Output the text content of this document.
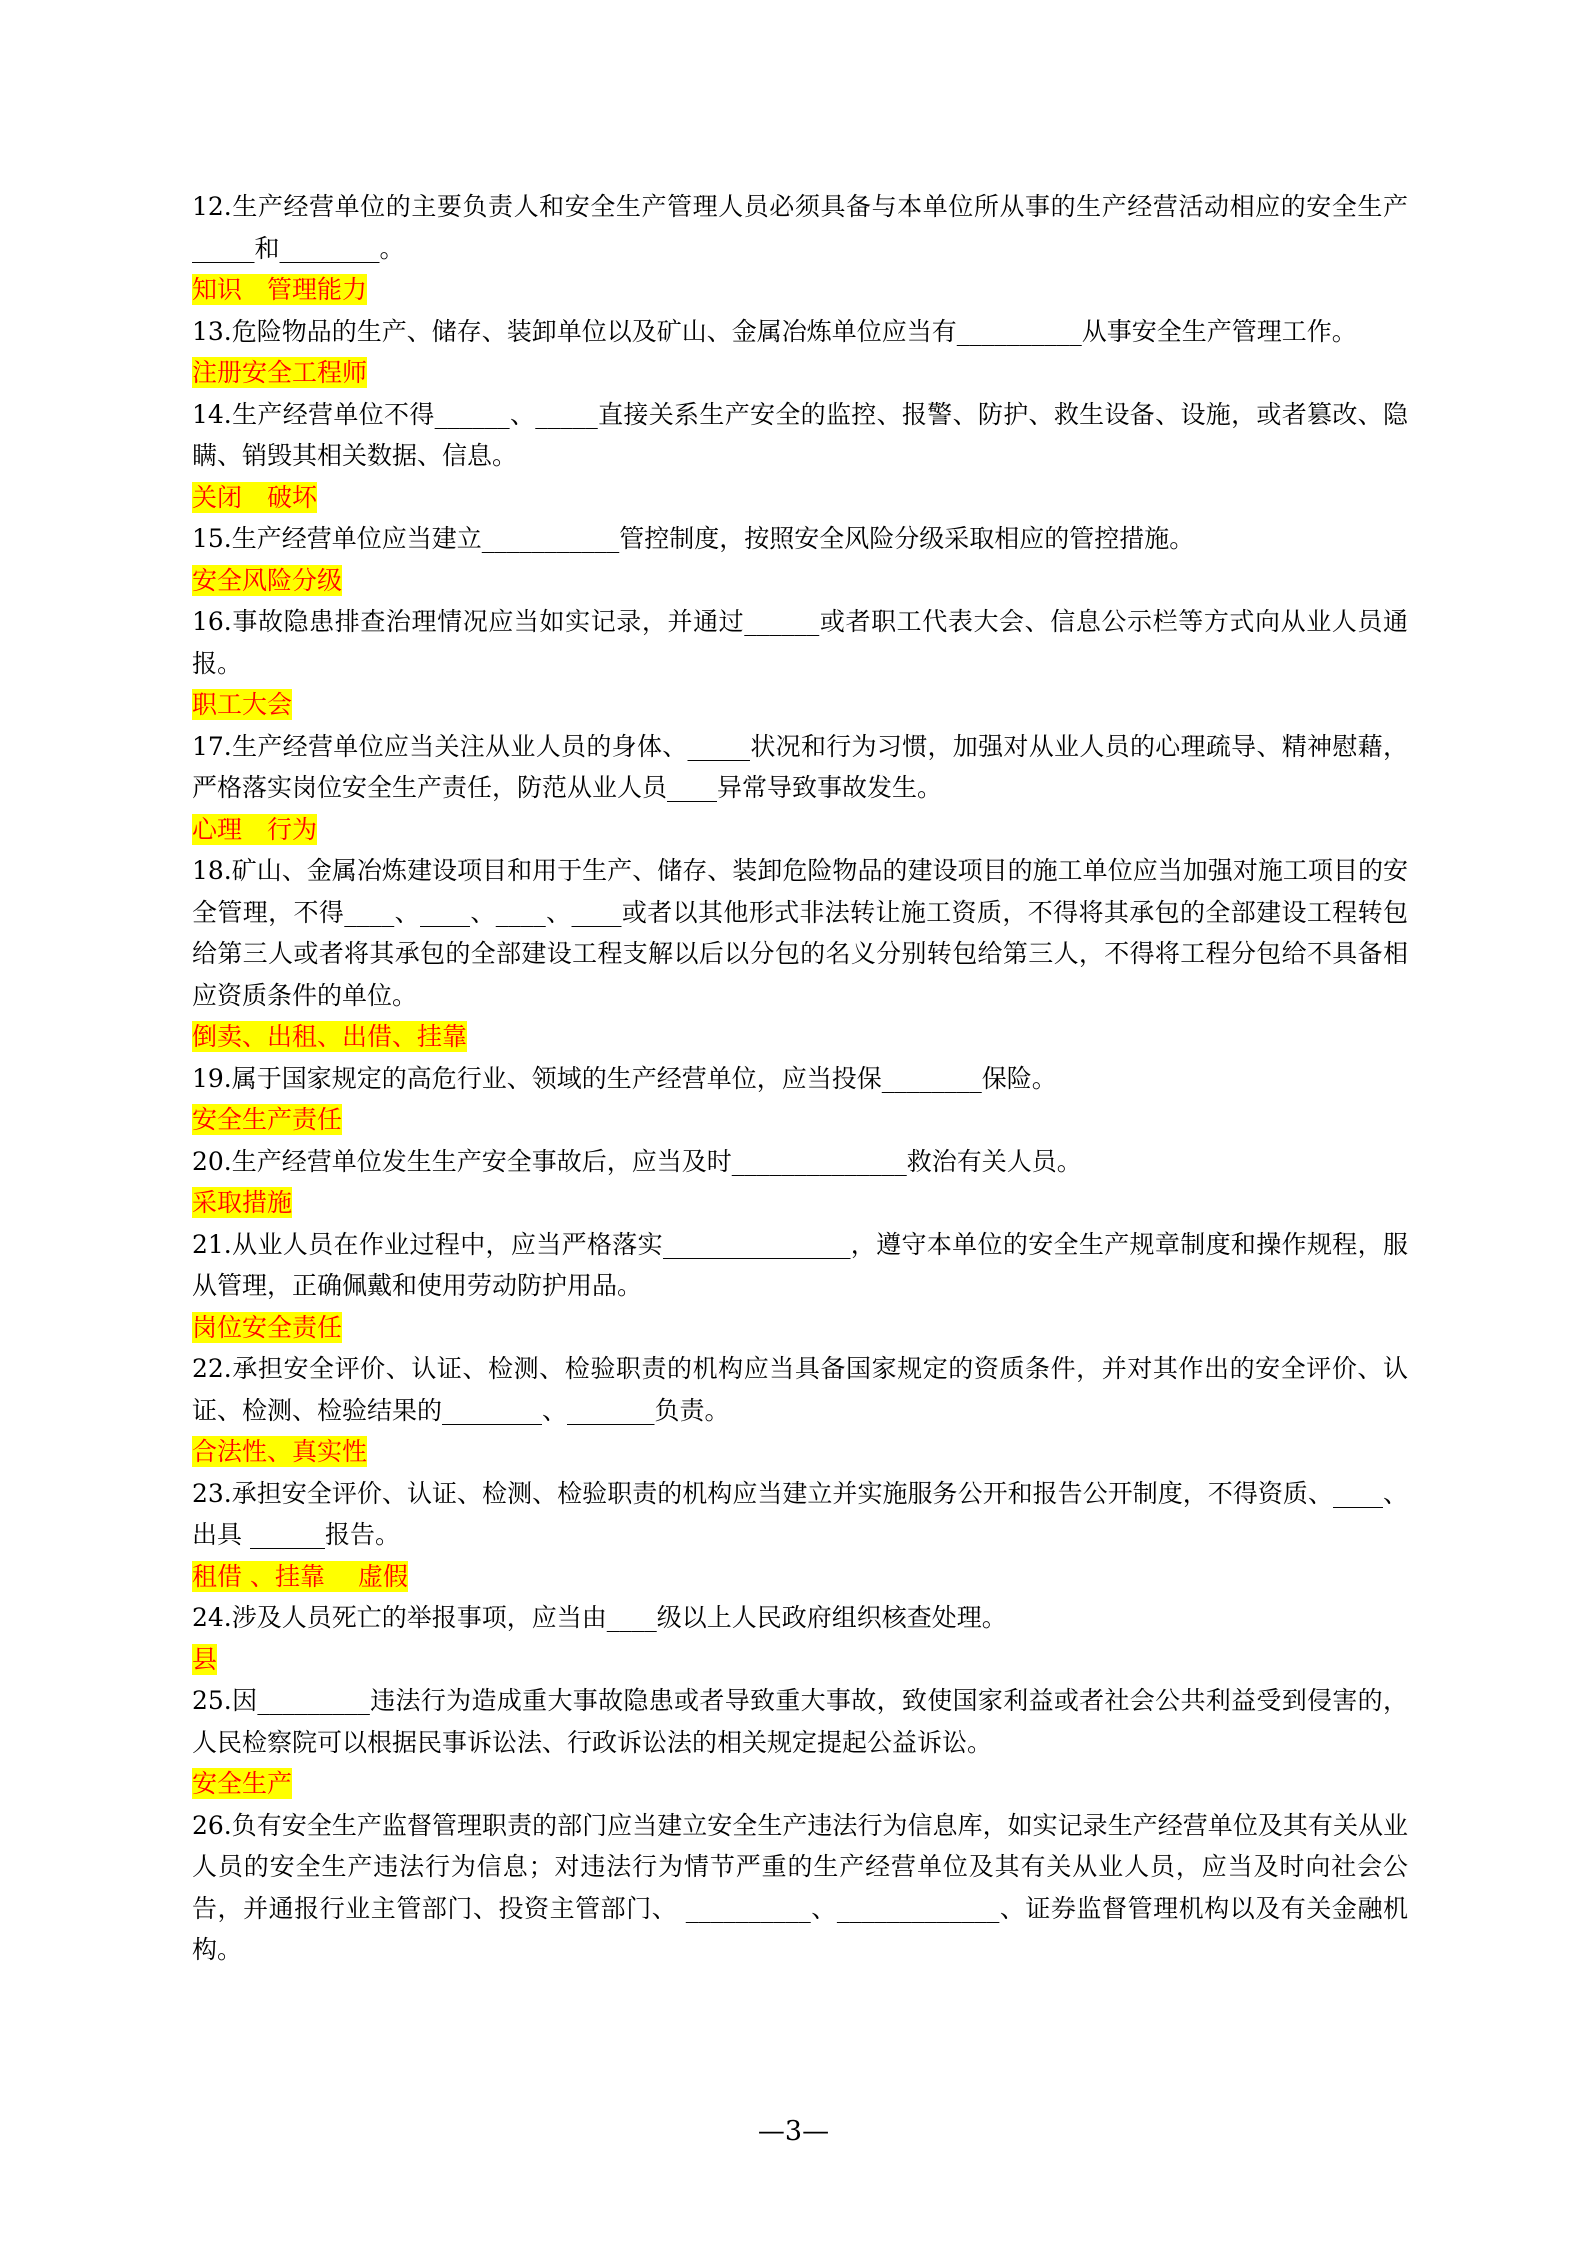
12.生产经营单位的主要负责人和安全生产管理人员必须具备与本单位所从事的生产经营活动相应的安全生产_____和________。

知识　管理能力

13.危险物品的生产、储存、装卸单位以及矿山、金属冶炼单位应当有__________从事安全生产管理工作。

注册安全工程师

14.生产经营单位不得______、_____直接关系生产安全的监控、报警、防护、救生设备、设施，或者篡改、隐瞒、销毁其相关数据、信息。

关闭　破坏

15.生产经营单位应当建立___________管控制度，按照安全风险分级采取相应的管控措施。

安全风险分级

16.事故隐患排查治理情况应当如实记录，并通过______或者职工代表大会、信息公示栏等方式向从业人员通报。

职工大会

17.生产经营单位应当关注从业人员的身体、_____状况和行为习惯，加强对从业人员的心理疏导、精神慰藉，严格落实岗位安全生产责任，防范从业人员____异常导致事故发生。

心理　行为

18.矿山、金属冶炼建设项目和用于生产、储存、装卸危险物品的建设项目的施工单位应当加强对施工项目的安全管理，不得____、____、____、____或者以其他形式非法转让施工资质，不得将其承包的全部建设工程转包给第三人或者将其承包的全部建设工程支解以后以分包的名义分别转包给第三人，不得将工程分包给不具备相应资质条件的单位。

倒卖、出租、出借、挂靠

19.属于国家规定的高危行业、领域的生产经营单位，应当投保________保险。

安全生产责任

20.生产经营单位发生生产安全事故后，应当及时______________救治有关人员。

采取措施

21.从业人员在作业过程中，应当严格落实_______________，遵守本单位的安全生产规章制度和操作规程，服从管理，正确佩戴和使用劳动防护用品。

岗位安全责任

22.承担安全评价、认证、检测、检验职责的机构应当具备国家规定的资质条件，并对其作出的安全评价、认证、检测、检验结果的________、_______负责。

合法性、真实性

23.承担安全评价、认证、检测、检验职责的机构应当建立并实施服务公开和报告公开制度，不得资质、____、出具 ______报告。

租借 、挂靠　 虚假

24.涉及人员死亡的举报事项，应当由____级以上人民政府组织核查处理。

县

25.因_________违法行为造成重大事故隐患或者导致重大事故，致使国家利益或者社会公共利益受到侵害的，人民检察院可以根据民事诉讼法、行政诉讼法的相关规定提起公益诉讼。

安全生产

26.负有安全生产监督管理职责的部门应当建立安全生产违法行为信息库，如实记录生产经营单位及其有关从业人员的安全生产违法行为信息；对违法行为情节严重的生产经营单位及其有关从业人员，应当及时向社会公告，并通报行业主管部门、投资主管部门、 __________、_____________、证券监督管理机构以及有关金融机构。

—3—
